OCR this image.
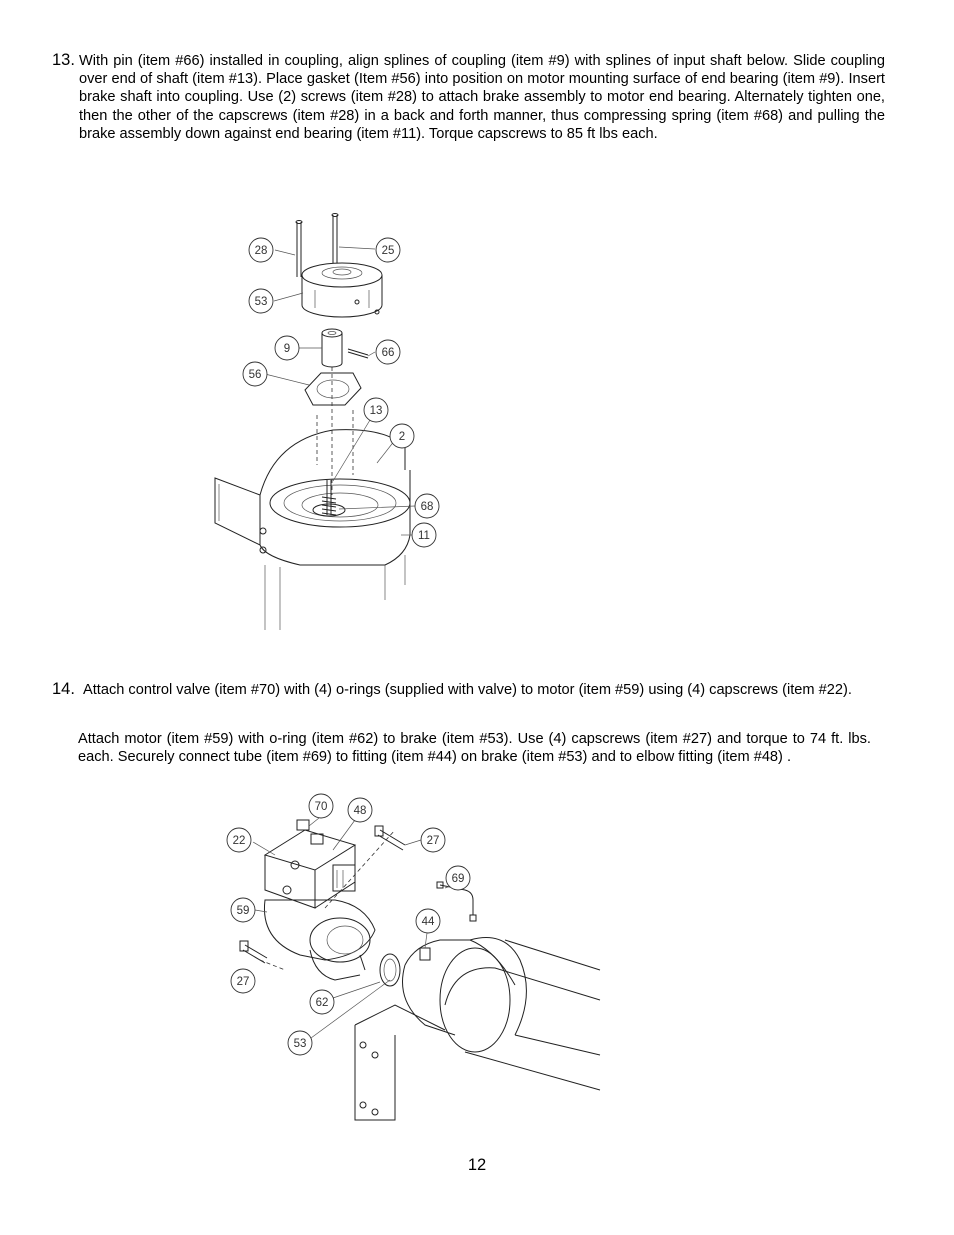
13. With pin (item #66) installed in coupling, align splines of coupling (item #9) with splines of input shaft below. Slide coupling over end of shaft (item #13). Place gasket (Item #56) into position on motor mounting surface of end bearing (item #9). Insert brake shaft into coupling. Use (2) screws (item #28) to attach brake assembly to motor end bearing. Alternately tighten one, then the other of the capscrews (item #28) in a back and forth manner, thus compressing spring (item #68) and pulling the brake assembly down against end bearing (item #11). Torque capscrews to 85 ft lbs each.
28	25
53
9	66
56
13
2
68
11
14. Attach control valve (item #70) with (4) o-rings (supplied with valve) to motor (item #59) using (4) capscrews (item #22).
Attach motor (item #59) with o-ring (item #62) to brake (item #53). Use (4) capscrews (item #27) and torque to 74 ft. lbs. each. Securely connect tube (item #69) to fitting (item #44) on brake (item #53) and to elbow fitting (item #48) .
70 48
22	27
69
59
44
27
62
53
12
